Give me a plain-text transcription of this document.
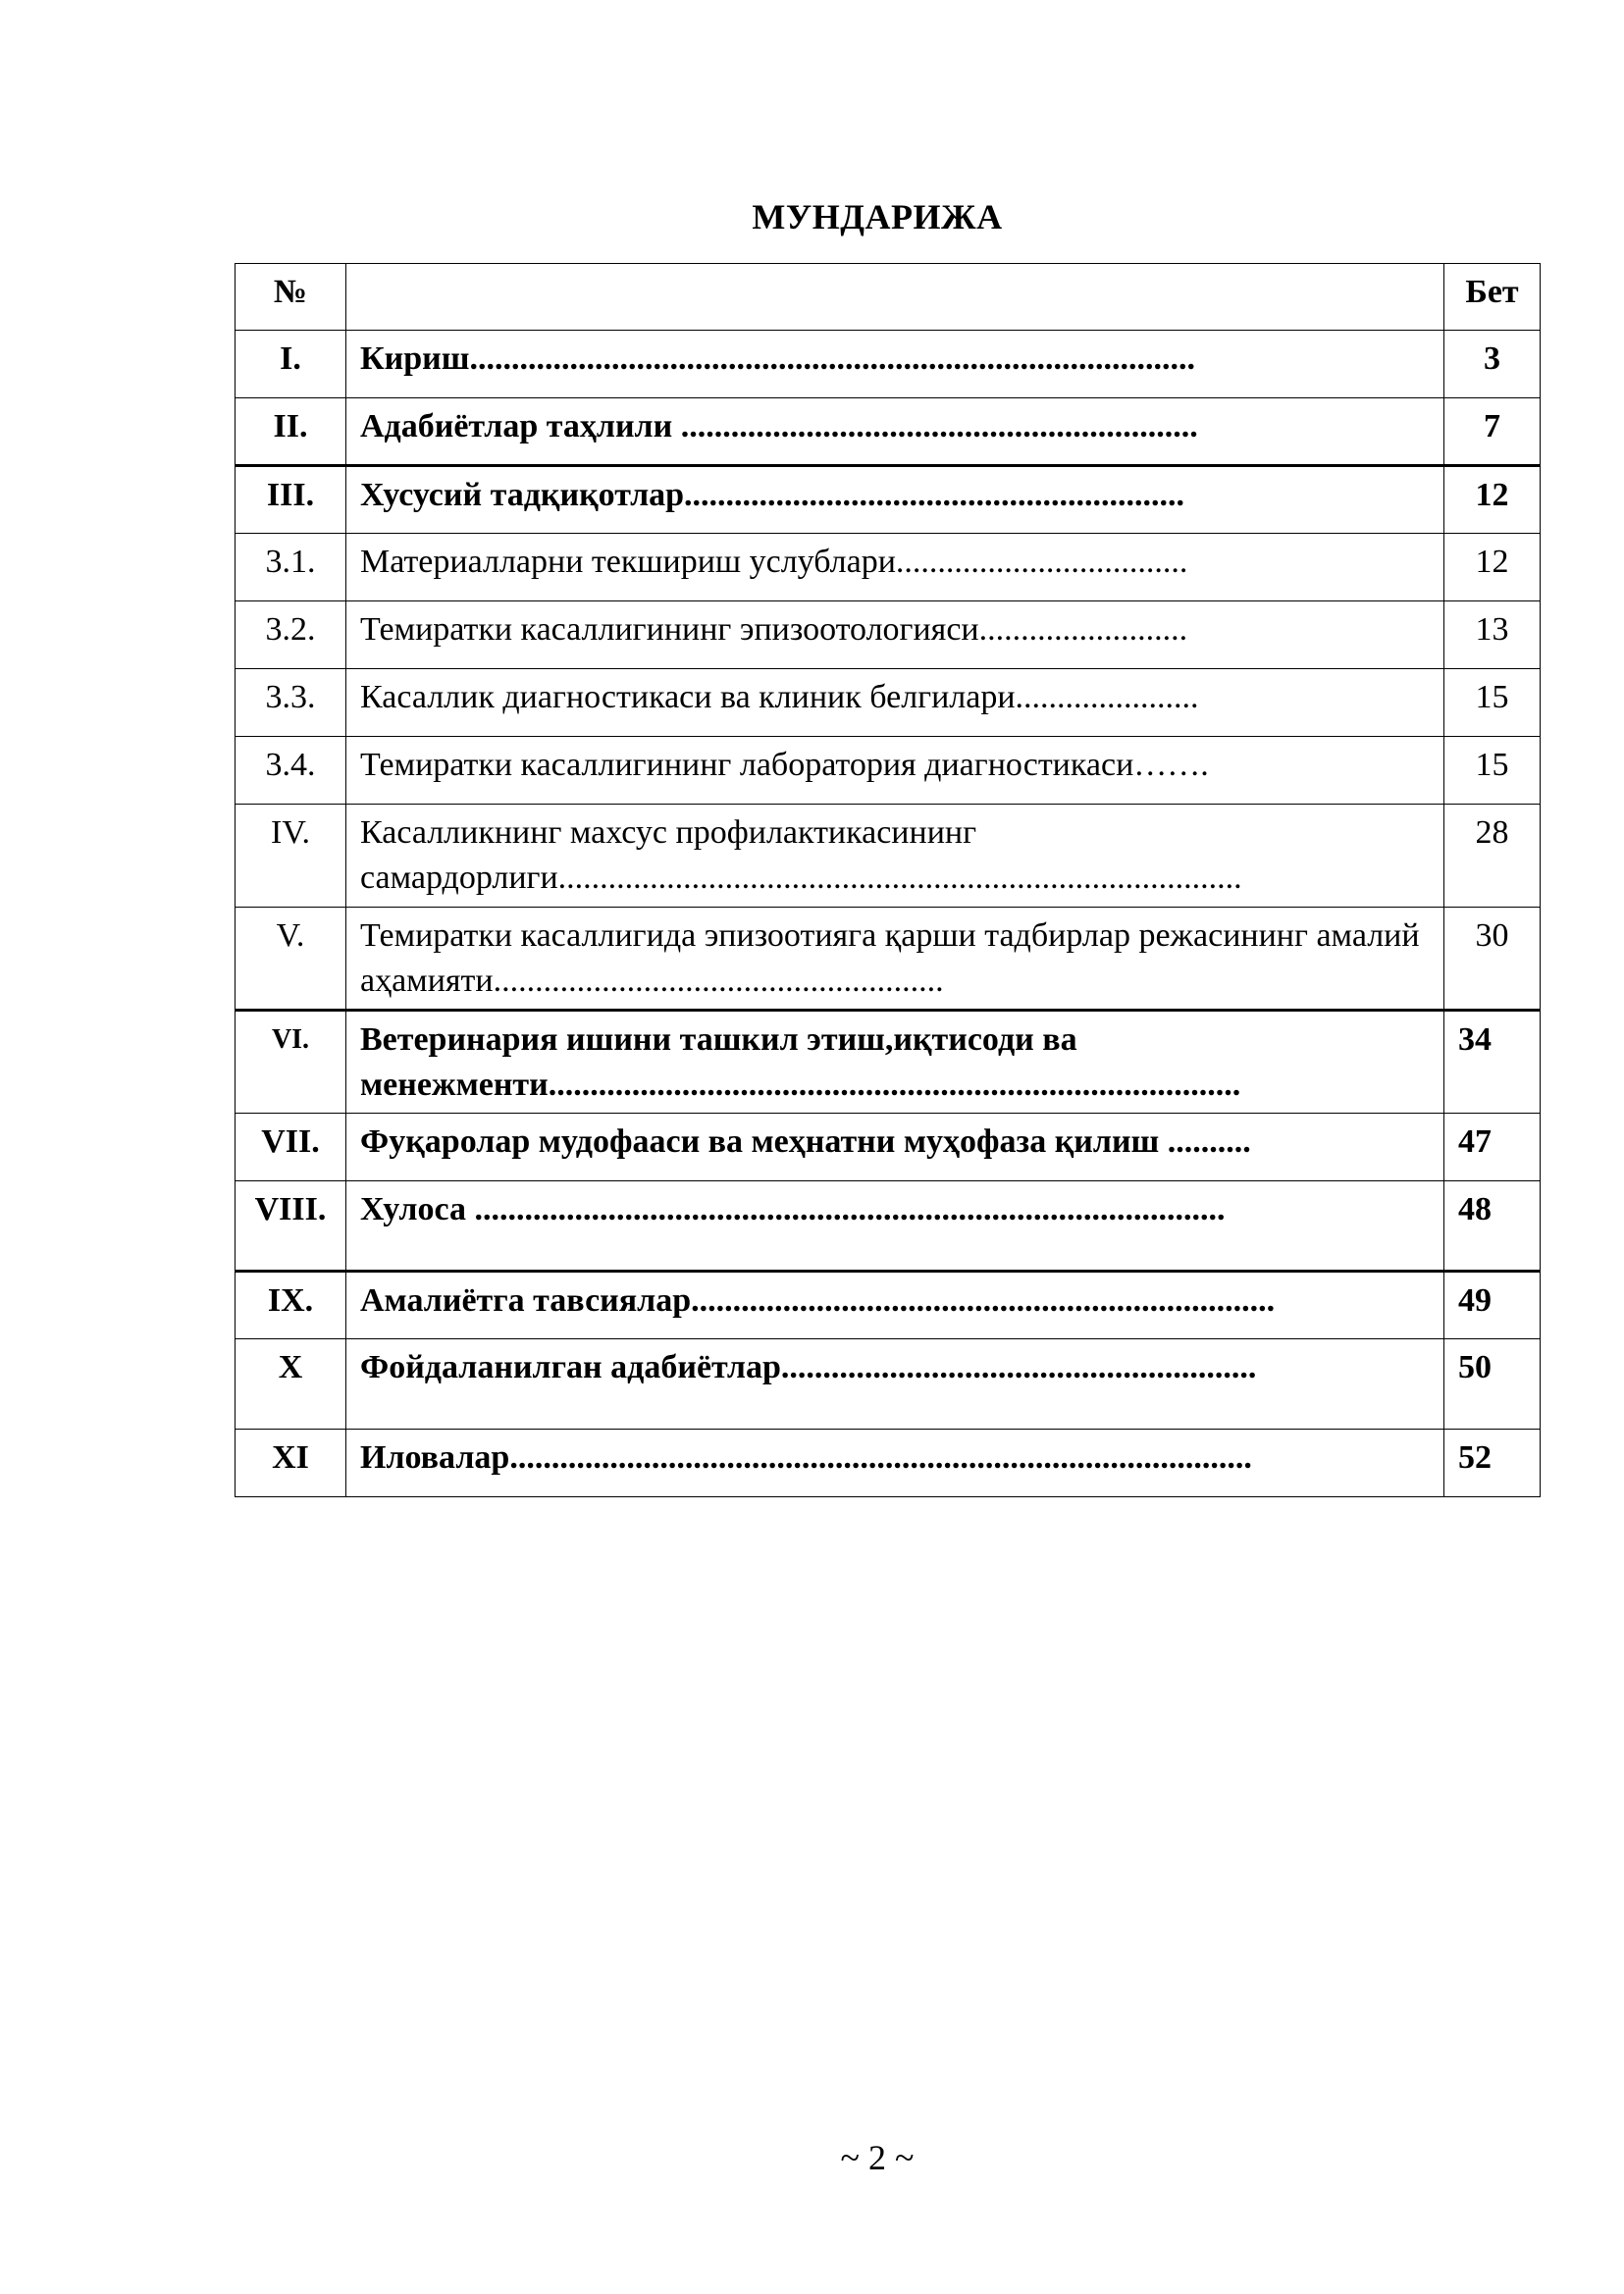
МУНДАРИЖА
№		Бет
I.	Кириш.......................................................................................	3
II.	Адабиётлар таҳлили ..............................................................	7
III.	Хусусий тадқиқотлар............................................................	12
3.1.	Материалларни текшириш услублари...................................	12
3.2.	Темиратки касаллигининг эпизоотологияси.........................	13
3.3.	Касаллик диагностикаси ва клиник белгилари......................	15
3.4.	Темиратки касаллигининг лаборатория диагностикаси…….	15
IV.	Касалликнинг махсус профилактикасининг самардорлиги..................................................................................	28
V.	Темиратки касаллигида эпизоотияга қарши тадбирлар режасининг амалий аҳамияти......................................................	30
VI.	Ветеринария ишини ташкил этиш,иқтисоди ва менежменти...................................................................................	34
VII.	Фуқаролар мудофааси ва меҳнатни муҳофаза қилиш ..........	47
VIII.	Хулоса ..........................................................................................	48
IX.	Амалиётга тавсиялар......................................................................	49
X	Фойдаланилган адабиётлар.........................................................	50
XI	Иловалар.........................................................................................	52
~ 2 ~
